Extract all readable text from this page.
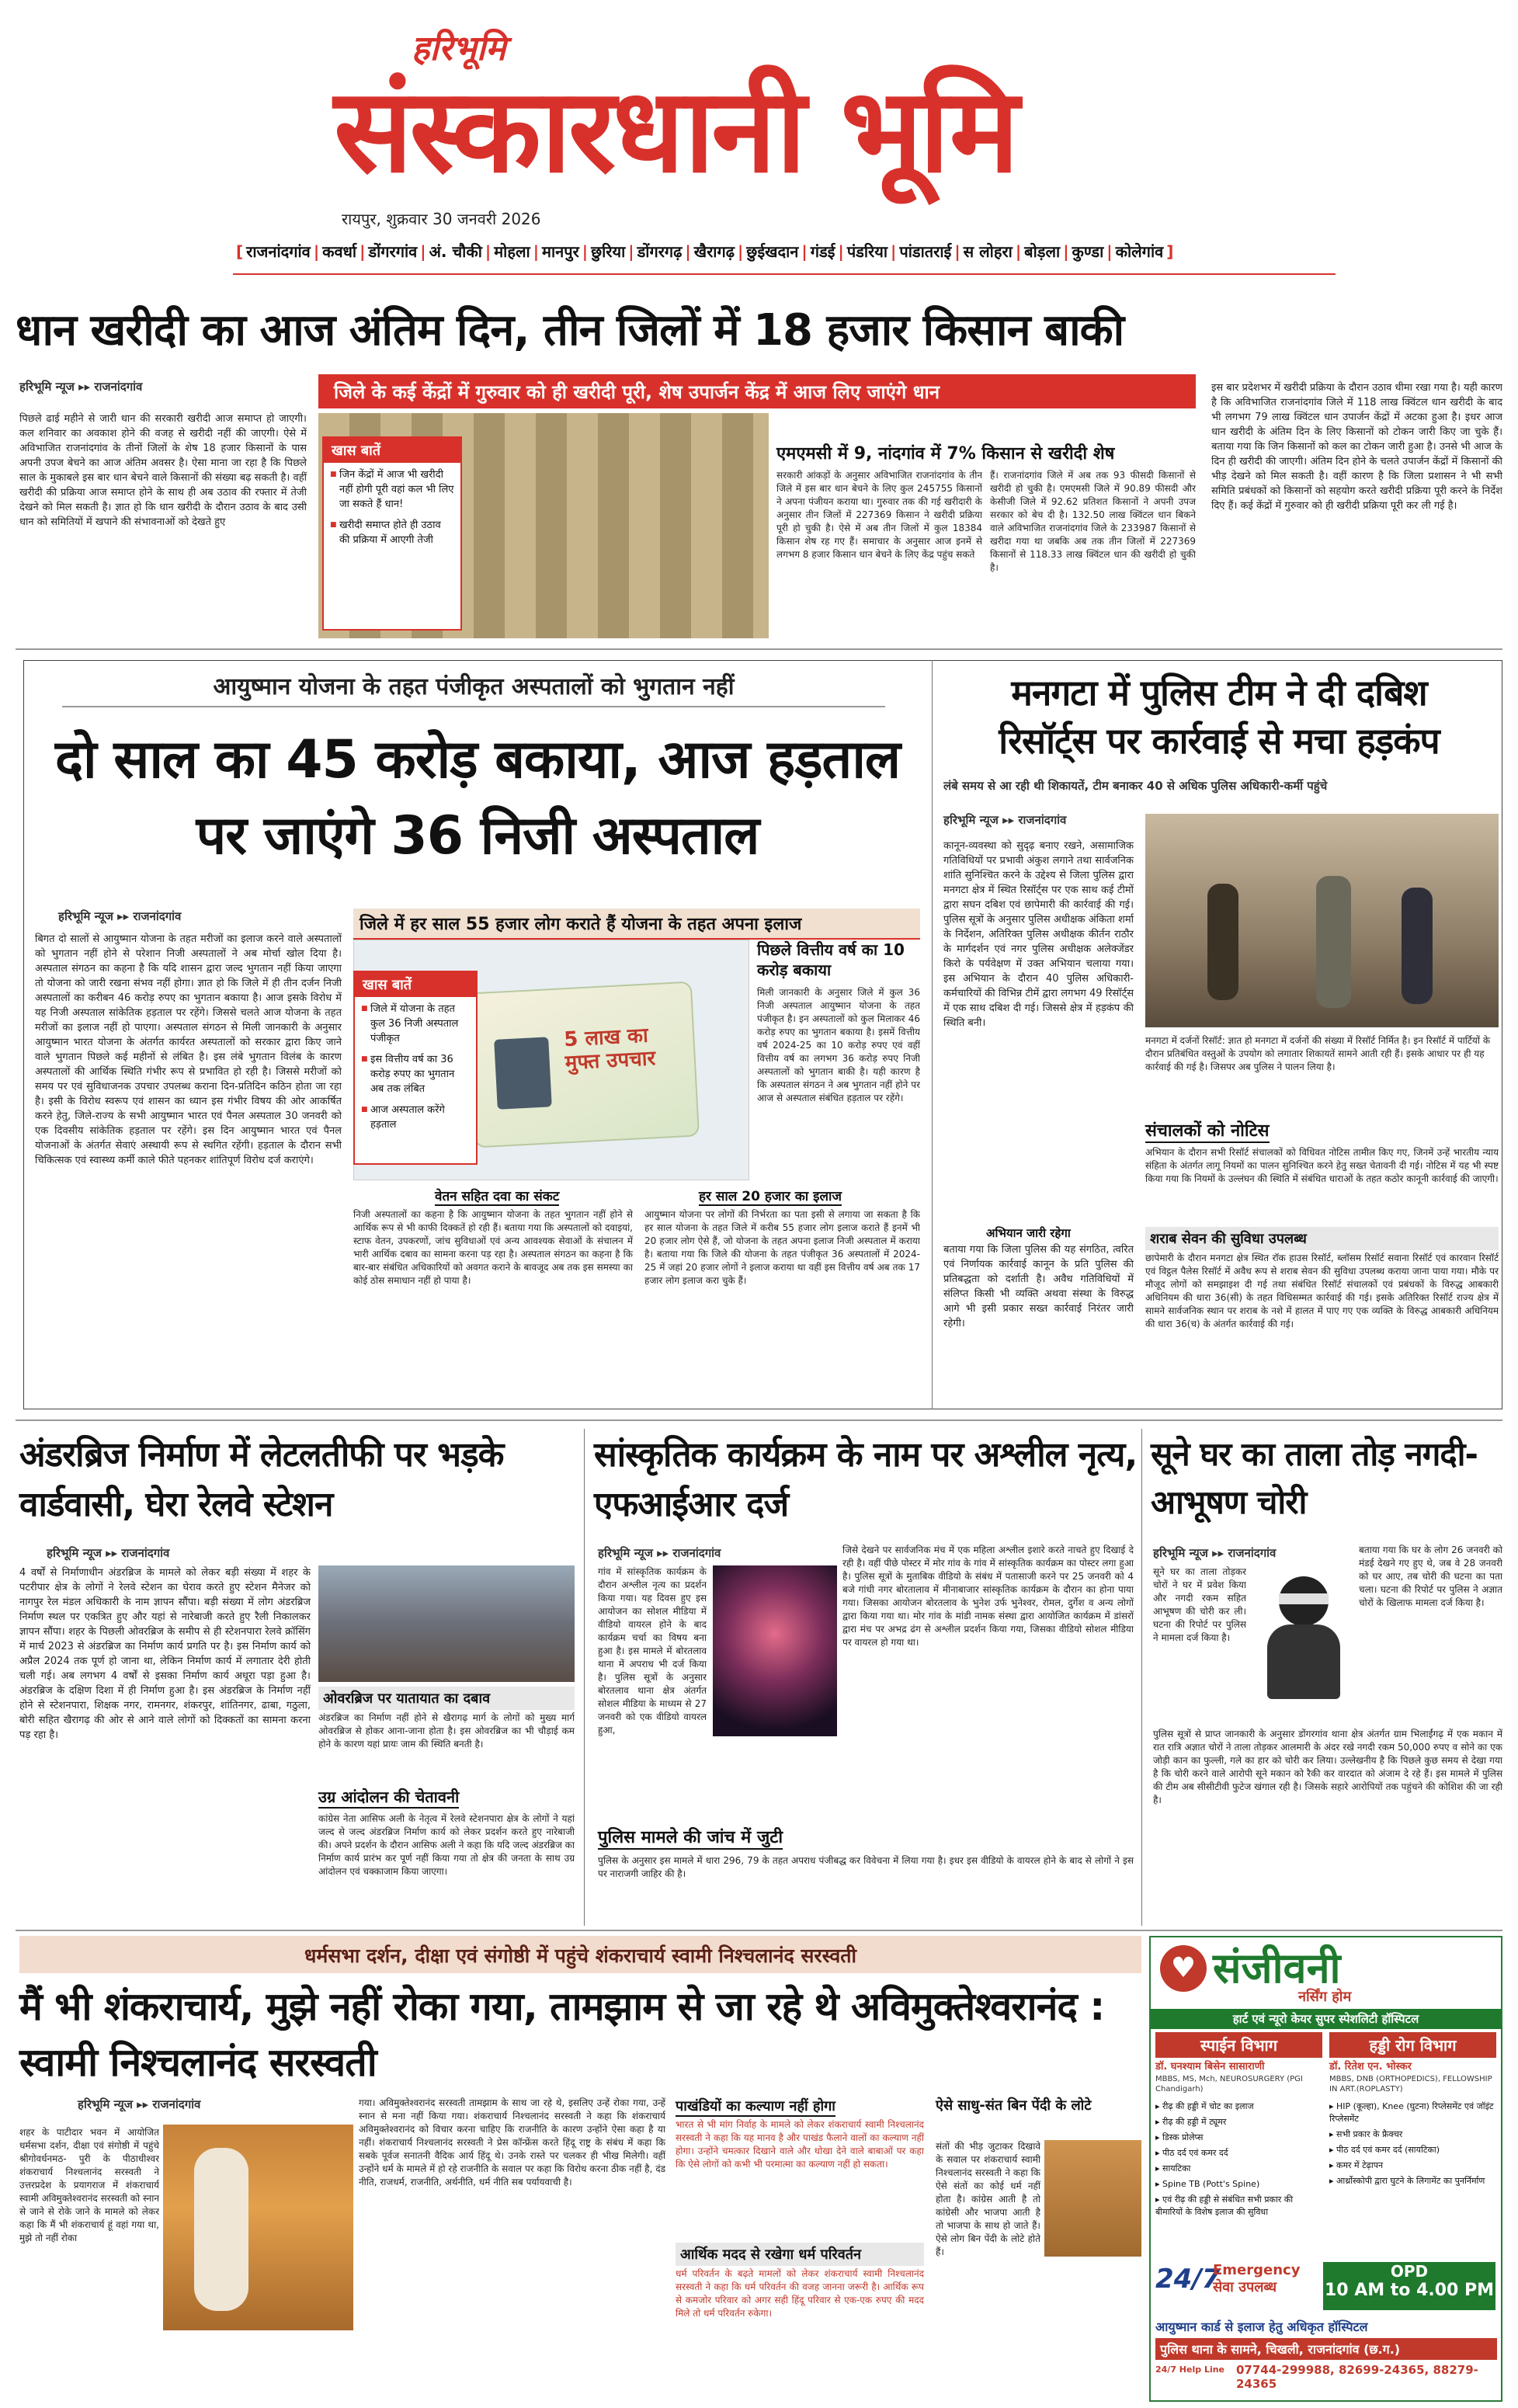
हरिभूमि
संस्कारधानी भूमि
रायपुर, शुक्रवार 30 जनवरी 2026
[ राजनांदगांव | कवर्धा | डोंगरगांव | अं. चौकी | मोहला | मानपुर | छुरिया | डोंगरगढ़ | खैरागढ़ | छुईखदान | गंडई | पंडरिया | पांडातराई | स लोहरा | बोड़ला | कुण्डा | कोलेगांव ]
धान खरीदी का आज अंतिम दिन, तीन जिलों में 18 हजार किसान बाकी
हरिभूमि न्यूज ▸▸ राजनांदगांव	जिले के कई केंद्रों में गुरुवार को ही खरीदी पूरी, शेष उपार्जन केंद्र में आज लिए जाएंगे धान
पिछले ढाई महीने से जारी धान की सरकारी खरीदी आज समाप्त हो जाएगी। कल शनिवार का अवकाश होने की वजह से खरीदी नहीं की जाएगी। ऐसे में अविभाजित राजनांदगांव के तीनों जिलों के शेष 18 हजार किसानों के पास अपनी उपज बेचने का आज अंतिम अवसर है। ऐसा माना जा रहा है कि पिछले साल के मुकाबले इस बार धान बेचने वाले किसानों की संख्या बढ़ सकती है। वहीं खरीदी की प्रक्रिया आज समाप्त होने के साथ ही अब उठाव की रफ्तार में तेजी देखने को मिल सकती है। ज्ञात हो कि धान खरीदी के दौरान उठाव के बाद उसी धान को समितियों में खपाने की संभावनाओं को देखते हुए
खास बातें
■ जिन केंद्रों में आज भी खरीदी नहीं होगी पूरी वहां कल भी लिए जा सकते हैं धान!
■ खरीदी समाप्त होते ही उठाव की प्रक्रिया में आएगी तेजी
एमएमसी में 9, नांदगांव में 7% किसान से खरीदी शेष
सरकारी आंकड़ों के अनुसार अविभाजित राजनांदगांव के तीन जिले में इस बार धान बेचने के लिए कुल 245755 किसानों ने अपना पंजीयन कराया था। गुरुवार तक की गई खरीदारी के अनुसार तीन जिलों में 227369 किसान ने खरीदी प्रक्रिया पूरी हो चुकी है। ऐसे में अब तीन जिलों में कुल 18384 किसान शेष रह गए हैं। समाचार के अनुसार आज इनमें से लगभग 8 हजार किसान धान बेचने के लिए केंद्र पहुंच सकते
हैं। राजनांदगांव जिले में अब तक 93 फीसदी किसानों से खरीदी हो चुकी है। एमएमसी जिले में 90.89 फीसदी और केसीजी जिले में 92.62 प्रतिशत किसानों ने अपनी उपज सरकार को बेच दी है। 132.50 लाख क्विंटल धान बिकने वाले अविभाजित राजनांदगांव जिले के 233987 किसानों से खरीदा गया था जबकि अब तक तीन जिलों में 227369 किसानों से 118.33 लाख क्विंटल धान की खरीदी हो चुकी है।
इस बार प्रदेशभर में खरीदी प्रक्रिया के दौरान उठाव धीमा रखा गया है। यही कारण है कि अविभाजित राजनांदगांव जिले में 118 लाख क्विंटल धान खरीदी के बाद भी लगभग 79 लाख क्विंटल धान उपार्जन केंद्रों में अटका हुआ है। इधर आज धान खरीदी के अंतिम दिन के लिए किसानों को टोकन जारी किए जा चुके हैं। बताया गया कि जिन किसानों को कल का टोकन जारी हुआ है। उनसे भी आज के दिन ही खरीदी की जाएगी। अंतिम दिन होने के चलते उपार्जन केंद्रों में किसानों की भीड़ देखने को मिल सकती है। वहीं कारण है कि जिला प्रशासन ने भी सभी समिति प्रबंधकों को किसानों को सहयोग करते खरीदी प्रक्रिया पूरी करने के निर्देश दिए हैं। कई केंद्रों में गुरुवार को ही खरीदी प्रक्रिया पूरी कर ली गई है।
आयुष्मान योजना के तहत पंजीकृत अस्पतालों को भुगतान नहीं
दो साल का 45 करोड़ बकाया, आज हड़ताल पर जाएंगे 36 निजी अस्पताल
हरिभूमि न्यूज ▸▸ राजनांदगांव
बिगत दो सालों से आयुष्मान योजना के तहत मरीजों का इलाज करने वाले अस्पतालों को भुगतान नहीं होने से परेशान निजी अस्पतालों ने अब मोर्चा खोल दिया है। अस्पताल संगठन का कहना है कि यदि शासन द्वारा जल्द भुगतान नहीं किया जाएगा तो योजना को जारी रखना संभव नहीं होगा। ज्ञात हो कि जिले में ही तीन दर्जन निजी अस्पतालों का करीबन 46 करोड़ रुपए का भुगतान बकाया है। आज इसके विरोध में यह निजी अस्पताल सांकेतिक हड़ताल पर रहेंगे। जिससे चलते आज योजना के तहत मरीजों का इलाज नहीं हो पाएगा। अस्पताल संगठन से मिली जानकारी के अनुसार आयुष्मान भारत योजना के अंतर्गत कार्यरत अस्पतालों को सरकार द्वारा किए जाने वाले भुगतान पिछले कई महीनों से लंबित है। इस लंबे भुगतान विलंब के कारण अस्पतालों की आर्थिक स्थिति गंभीर रूप से प्रभावित हो रही है। जिससे मरीजों को समय पर एवं सुविधाजनक उपचार उपलब्ध कराना दिन-प्रतिदिन कठिन होता जा रहा है। इसी के विरोध स्वरूप एवं शासन का ध्यान इस गंभीर विषय की ओर आकर्षित करने हेतु, जिले-राज्य के सभी आयुष्मान भारत एवं पैनल अस्पताल 30 जनवरी को एक दिवसीय सांकेतिक हड़ताल पर रहेंगे। इस दिन आयुष्मान भारत एवं पैनल योजनाओं के अंतर्गत सेवाएं अस्थायी रूप से स्थगित रहेंगी। हड़ताल के दौरान सभी चिकित्सक एवं स्वास्थ्य कर्मी काले फीते पहनकर शांतिपूर्ण विरोध दर्ज कराएंगे।
जिले में हर साल 55 हजार लोग कराते हैं योजना के तहत अपना इलाज
5 लाख का मुफ्त उपचार
खास बातें
■ जिले में योजना के तहत कुल 36 निजी अस्पताल पंजीकृत
■ इस वित्तीय वर्ष का 36 करोड़ रुपए का भुगतान अब तक लंबित
■ आज अस्पताल करेंगे हड़ताल
पिछले वित्तीय वर्ष का 10 करोड़ बकाया
मिली जानकारी के अनुसार जिले में कुल 36 निजी अस्पताल आयुष्मान योजना के तहत पंजीकृत है। इन अस्पतालों को कुल मिलाकर 46 करोड़ रुपए का भुगतान बकाया है। इसमें वित्तीय वर्ष 2024-25 का 10 करोड़ रुपए एवं वहीं वित्तीय वर्ष का लगभग 36 करोड़ रुपए निजी अस्पतालों को भुगतान बाकी है। यही कारण है कि अस्पताल संगठन ने अब भुगतान नहीं होने पर आज से अस्पताल संबंधित हड़ताल पर रहेंगे।
वेतन सहित दवा का संकट
निजी अस्पतालों का कहना है कि आयुष्मान योजना के तहत भुगतान नहीं होने से आर्थिक रूप से भी काफी दिक्कतें हो रही हैं। बताया गया कि अस्पतालों को दवाइयां, स्टाफ वेतन, उपकरणों, जांच सुविधाओं एवं अन्य आवश्यक सेवाओं के संचालन में भारी आर्थिक दबाव का सामना करना पड़ रहा है। अस्पताल संगठन का कहना है कि बार-बार संबंधित अधिकारियों को अवगत कराने के बावजूद अब तक इस समस्या का कोई ठोस समाधान नहीं हो पाया है।
हर साल 20 हजार का इलाज
आयुष्मान योजना पर लोगों की निर्भरता का पता इसी से लगाया जा सकता है कि हर साल योजना के तहत जिले में करीब 55 हजार लोग इलाज कराते हैं इनमें भी 20 हजार लोग ऐसे हैं, जो योजना के तहत अपना इलाज निजी अस्पताल में कराया है। बताया गया कि जिले की योजना के तहत पंजीकृत 36 अस्पतालों में 2024-25 में जहां 20 हजार लोगों ने इलाज कराया था वहीं इस वित्तीय वर्ष अब तक 17 हजार लोग इलाज करा चुके हैं।
मनगटा में पुलिस टीम ने दी दबिश
रिसॉर्ट्स पर कार्रवाई से मचा हड़कंप
लंबे समय से आ रही थी शिकायतें, टीम बनाकर 40 से अधिक पुलिस अधिकारी-कर्मी पहुंचे
हरिभूमि न्यूज ▸▸ राजनांदगांव
कानून-व्यवस्था को सुदृढ़ बनाए रखने, असामाजिक गतिविधियों पर प्रभावी अंकुश लगाने तथा सार्वजनिक शांति सुनिश्चित करने के उद्देश्य से जिला पुलिस द्वारा मनगटा क्षेत्र में स्थित रिसॉर्ट्स पर एक साथ कई टीमों द्वारा सघन दबिश एवं छापेमारी की कार्रवाई की गई। पुलिस सूत्रों के अनुसार पुलिस अधीक्षक अंकिता शर्मा के निर्देशन, अतिरिक्त पुलिस अधीक्षक कीर्तन राठौर के मार्गदर्शन एवं नगर पुलिस अधीक्षक अलेक्जेंडर किरो के पर्यवेक्षण में उक्त अभियान चलाया गया। इस अभियान के दौरान 40 पुलिस अधिकारी-कर्मचारियों की विभिन्न टीमें द्वारा लगभग 49 रिसॉर्ट्स में एक साथ दबिश दी गई। जिससे क्षेत्र में हड़कंप की स्थिति बनी।
अभियान जारी रहेगा
बताया गया कि जिला पुलिस की यह संगठित, त्वरित एवं निर्णायक कार्रवाई कानून के प्रति पुलिस की प्रतिबद्धता को दर्शाती है। अवैध गतिविधियों में संलिप्त किसी भी व्यक्ति अथवा संस्था के विरुद्ध आगे भी इसी प्रकार सख्त कार्रवाई निरंतर जारी रहेगी।
मनगटा में दर्जनों रिसॉर्ट: ज्ञात हो मनगटा में दर्जनों की संख्या में रिसॉर्ट निर्मित है। इन रिसॉर्ट में पार्टियों के दौरान प्रतिबंधित वस्तुओं के उपयोग को लगातार शिकायतें सामने आती रही हैं। इसके आधार पर ही यह कार्रवाई की गई है। जिसपर अब पुलिस ने पालन लिया है।
संचालकों को नोटिस
अभियान के दौरान सभी रिसॉर्ट संचालकों को विधिवत नोटिस तामील किए गए, जिनमें उन्हें भारतीय न्याय संहिता के अंतर्गत लागू नियमों का पालन सुनिश्चित करने हेतु सख्त चेतावनी दी गई। नोटिस में यह भी स्पष्ट किया गया कि नियमों के उल्लंघन की स्थिति में संबंधित धाराओं के तहत कठोर कानूनी कार्रवाई की जाएगी।
शराब सेवन की सुविधा उपलब्ध
छापेमारी के दौरान मनगटा क्षेत्र स्थित रॉक हाउस रिसॉर्ट, ब्लॉसम रिसॉर्ट सवाना रिसॉर्ट एवं कारवान रिसॉर्ट एवं विट्ठल पैलेस रिसॉर्ट में अवैध रूप से शराब सेवन की सुविधा उपलब्ध कराया जाना पाया गया। मौके पर मौजूद लोगों को समझाइश दी गई तथा संबंधित रिसॉर्ट संचालकों एवं प्रबंधकों के विरुद्ध आबकारी अधिनियम की धारा 36(सी) के तहत विधिसम्मत कार्रवाई की गई। इसके अतिरिक्त रिसॉर्ट राज्य क्षेत्र में सामने सार्वजनिक स्थान पर शराब के नशे में हालत में पाए गए एक व्यक्ति के विरुद्ध आबकारी अधिनियम की धारा 36(च) के अंतर्गत कार्रवाई की गई।
अंडरब्रिज निर्माण में लेटलतीफी पर भड़के वार्डवासी, घेरा रेलवे स्टेशन
हरिभूमि न्यूज ▸▸ राजनांदगांव
4 वर्षों से निर्माणाधीन अंडरब्रिज के मामले को लेकर बड़ी संख्या में शहर के पटरीपार क्षेत्र के लोगों ने रेलवे स्टेशन का घेराव करते हुए स्टेशन मैनेजर को नागपुर रेल मंडल अधिकारी के नाम ज्ञापन सौंपा। बड़ी संख्या में लोग अंडरब्रिज निर्माण स्थल पर एकत्रित हुए और यहां से नारेबाजी करते हुए रैली निकालकर ज्ञापन सौंपा। शहर के पिछली ओवरब्रिज के समीप से ही स्टेशनपारा रेलवे क्रॉसिंग में मार्च 2023 से अंडरब्रिज का निर्माण कार्य प्रगति पर है। इस निर्माण कार्य को अप्रैल 2024 तक पूर्ण हो जाना था, लेकिन निर्माण कार्य में लगातार देरी होती चली गई। अब लगभग 4 वर्षों से इसका निर्माण कार्य अधूरा पड़ा हुआ है। अंडरब्रिज के दक्षिण दिशा में ही निर्माण हुआ है। इस अंडरब्रिज के निर्माण नहीं होने से स्टेशनपारा, शिक्षक नगर, रामनगर, शंकरपुर, शांतिनगर, ढाबा, गठुला, बोरी सहित खैरागढ़ की ओर से आने वाले लोगों को दिक्कतों का सामना करना पड़ रहा है।
ओवरब्रिज पर यातायात का दबाव
अंडरब्रिज का निर्माण नहीं होने से खैरागढ़ मार्ग के लोगों को मुख्य मार्ग ओवरब्रिज से होकर आना-जाना होता है। इस ओवरब्रिज का भी चौड़ाई कम होने के कारण यहां प्रायः जाम की स्थिति बनती है।
उग्र आंदोलन की चेतावनी
कांग्रेस नेता आसिफ अली के नेतृत्व में रेलवे स्टेशनपारा क्षेत्र के लोगों ने यहां जल्द से जल्द अंडरब्रिज निर्माण कार्य को लेकर प्रदर्शन करते हुए नारेबाजी की। अपने प्रदर्शन के दौरान आसिफ अली ने कहा कि यदि जल्द अंडरब्रिज का निर्माण कार्य प्रारंभ कर पूर्ण नहीं किया गया तो क्षेत्र की जनता के साथ उग्र आंदोलन एवं चक्काजाम किया जाएगा।
सांस्कृतिक कार्यक्रम के नाम पर अश्लील नृत्य, एफआईआर दर्ज
हरिभूमि न्यूज ▸▸ राजनांदगांव	जिसे देखने पर सार्वजनिक मंच में एक महिला अश्लील इशारे करते नाचते हुए दिखाई दे रही है। वहीं पीछे पोस्टर में मोर गांव के गांव में सांस्कृतिक कार्यक्रम का पोस्टर लगा हुआ है। पुलिस सूत्रों के मुताबिक वीडियो के संबंध में पतासाजी करने पर 25 जनवरी को 4 बजे गांधी नगर बोरतालाव में मीनाबाजार सांस्कृतिक कार्यक्रम के दौरान का होना पाया गया। जिसका आयोजन बोरतलाव के भुनेश उर्फ भुनेश्वर, रोमल, दुर्गेश व अन्य लोगों द्वारा किया गया था। मोर गांव के मांडी नामक संस्था द्वारा आयोजित कार्यक्रम में डांसरों द्वारा मंच पर अभद्र ढंग से अश्लील प्रदर्शन किया गया, जिसका वीडियो सोशल मीडिया पर वायरल हो गया था।
गांव में सांस्कृतिक कार्यक्रम के दौरान अश्लील नृत्य का प्रदर्शन किया गया। यह दिवस हुए इस आयोजन का सोशल मीडिया में वीडियो वायरल होने के बाद कार्यक्रम चर्चा का विषय बना हुआ है। इस मामले में बोरतलाव थाना में अपराध भी दर्ज किया है। पुलिस सूत्रों के अनुसार बोरतलाव थाना क्षेत्र अंतर्गत सोशल मीडिया के माध्यम से 27 जनवरी को एक वीडियो वायरल हुआ,
पुलिस मामले की जांच में जुटी
पुलिस के अनुसार इस मामले में धारा 296, 79 के तहत अपराध पंजीबद्ध कर विवेचना में लिया गया है। इधर इस वीडियो के वायरल होने के बाद से लोगों ने इस पर नाराजगी जाहिर की है।
सूने घर का ताला तोड़ नगदी-आभूषण चोरी
हरिभूमि न्यूज ▸▸ राजनांदगांव	बताया गया कि घर के लोग 26 जनवरी को मंडई देखने गए हुए थे, जब वे 28 जनवरी को घर आए, तब चोरी की घटना का पता चला। घटना की रिपोर्ट पर पुलिस ने अज्ञात चोरों के खिलाफ मामला दर्ज किया है।
सूने घर का ताला तोड़कर चोरों ने घर में प्रवेश किया और नगदी रकम सहित आभूषण की चोरी कर ली। घटना की रिपोर्ट पर पुलिस ने मामला दर्ज किया है।
पुलिस सूत्रों से प्राप्त जानकारी के अनुसार डोंगरगांव थाना क्षेत्र अंतर्गत ग्राम भिलाईंगढ़ में एक मकान में रात रात्रि अज्ञात चोरों ने ताला तोड़कर आलमारी के अंदर रखे नगदी रकम 50,000 रुपए व सोने का एक जोड़ी कान का फुल्ली, गले का हार को चोरी कर लिया। उल्लेखनीय है कि पिछले कुछ समय से देखा गया है कि चोरी करने वाले आरोपी सूने मकान को रैकी कर वारदात को अंजाम दे रहे हैं। इस मामले में पुलिस की टीम अब सीसीटीवी फुटेज खंगाल रही है। जिसके सहारे आरोपियों तक पहुंचने की कोशिश की जा रही है।
धर्मसभा दर्शन, दीक्षा एवं संगोष्ठी में पहुंचे शंकराचार्य स्वामी निश्चलानंद सरस्वती
मैं भी शंकराचार्य, मुझे नहीं रोका गया, तामझाम से जा रहे थे अविमुक्तेश्वरानंद : स्वामी निश्चलानंद सरस्वती
हरिभूमि न्यूज ▸▸ राजनांदगांव
शहर के पाटीदार भवन में आयोजित धर्मसभा दर्शन, दीक्षा एवं संगोष्ठी में पहुंचे श्रीगोवर्धनमठ- पुरी के पीठाधीश्वर शंकराचार्य निश्चलानंद सरस्वती ने उत्तरप्रदेश के प्रयागराज में शंकराचार्य स्वामी अविमुक्तेश्वरानंद सरस्वती को स्नान से जाने से रोके जाने के मामले को लेकर कहा कि मैं भी शंकराचार्य हूं वहां गया था, मुझे तो नहीं रोका
गया। अविमुक्तेश्वरानंद सरस्वती तामझाम के साथ जा रहे थे, इसलिए उन्हें रोका गया, उन्हें स्नान से मना नहीं किया गया। शंकराचार्य निश्चलानंद सरस्वती ने कहा कि शंकराचार्य अविमुक्तेश्वरानंद को विचार करना चाहिए कि राजनीति के कारण उन्होंने ऐसा कहा है या नहीं। शंकराचार्य निश्चलानंद सरस्वती ने प्रेस कॉन्फ्रेंस करते हिंदू राष्ट्र के संबंध में कहा कि सबके पूर्वज सनातनी वैदिक आर्य हिंदू थे। उनके रास्ते पर चलकर ही भीख मिलेगी। वहीं उन्होंने धर्म के मामले में हो रहे राजनीति के सवाल पर कहा कि विरोध करना ठीक नहीं है, दंड नीति, राजधर्म, राजनीति, अर्थनीति, धर्म नीति सब पर्यायवाची है।
पाखंडियों का कल्याण नहीं होगा
भारत से भी मांग निर्वाह के मामले को लेकर शंकराचार्य स्वामी निश्चलानंद सरस्वती ने कहा कि यह मानव है और पाखंड फैलाने वालों का कल्याण नहीं होगा। उन्होंने चमत्कार दिखाने वाले और धोखा देने वाले बाबाओं पर कहा कि ऐसे लोगों को कभी भी परमात्मा का कल्याण नहीं हो सकता।
आर्थिक मदद से रखेगा धर्म परिवर्तन
धर्म परिवर्तन के बढ़ते मामलों को लेकर शंकराचार्य स्वामी निश्चलानंद सरस्वती ने कहा कि धर्म परिवर्तन की वजह जानना जरूरी है। आर्थिक रूप से कमजोर परिवार को अगर सही हिंदू परिवार से एक-एक रुपए की मदद मिले तो धर्म परिवर्तन रुकेगा।
ऐसे साधु-संत बिन पेंदी के लोटे
संतों की भीड़ जुटाकर दिखावे के सवाल पर शंकराचार्य स्वामी निश्चलानंद सरस्वती ने कहा कि ऐसे संतों का कोई धर्म नहीं होता है। कांग्रेस आती है तो कांग्रेसी और भाजपा आती है तो भाजपा के साथ हो जाते हैं। ऐसे लोग बिन पेंदी के लोटे होते हैं।
♥ संजीवनी
नर्सिंग होम
हार्ट एवं न्यूरो केयर सुपर स्पेशलिटी हॉस्पिटल
स्पाईन विभाग	हड्डी रोग विभाग
डॉ. घनश्याम बिसेन सासाराणी
MBBS, MS, Mch, NEUROSURGERY (PGI Chandigarh)
डॉ. रितेश एन. भोस्कर
MBBS, DNB (ORTHOPEDICS), FELLOWSHIP IN ART.(ROPLASTY)
▸ रीढ़ की हड्डी में चोट का इलाज
▸ रीढ़ की हड्डी में ट्यूमर
▸ डिस्क प्रोलेप्स
▸ पीठ दर्द एवं कमर दर्द
▸ सायटिका
▸ Spine TB (Pott's Spine)
▸ एवं रीढ़ की हड्डी से संबंधित सभी प्रकार की बीमारियों के विशेष इलाज की सुविधा
▸ HIP (कूल्हा), Knee (घुटना) रिप्लेसमेंट एवं जॉइंट रिप्लेसमेंट
▸ सभी प्रकार के फ्रैक्चर
▸ पीठ दर्द एवं कमर दर्द (सायटिका)
▸ कमर में टेढ़ापन
▸ आर्थ्रोस्कोपी द्वारा घुटने के लिगामेंट का पुनर्निर्माण
24/7
Emergency सेवा उपलब्ध
OPD
10 AM to 4.00 PM
आयुष्मान कार्ड से इलाज हेतु अधिकृत हॉस्पिटल
पुलिस थाना के सामने, चिखली, राजनांदगांव (छ.ग.)
24/7 Help Line 07744-299988, 82699-24365, 88279-24365
